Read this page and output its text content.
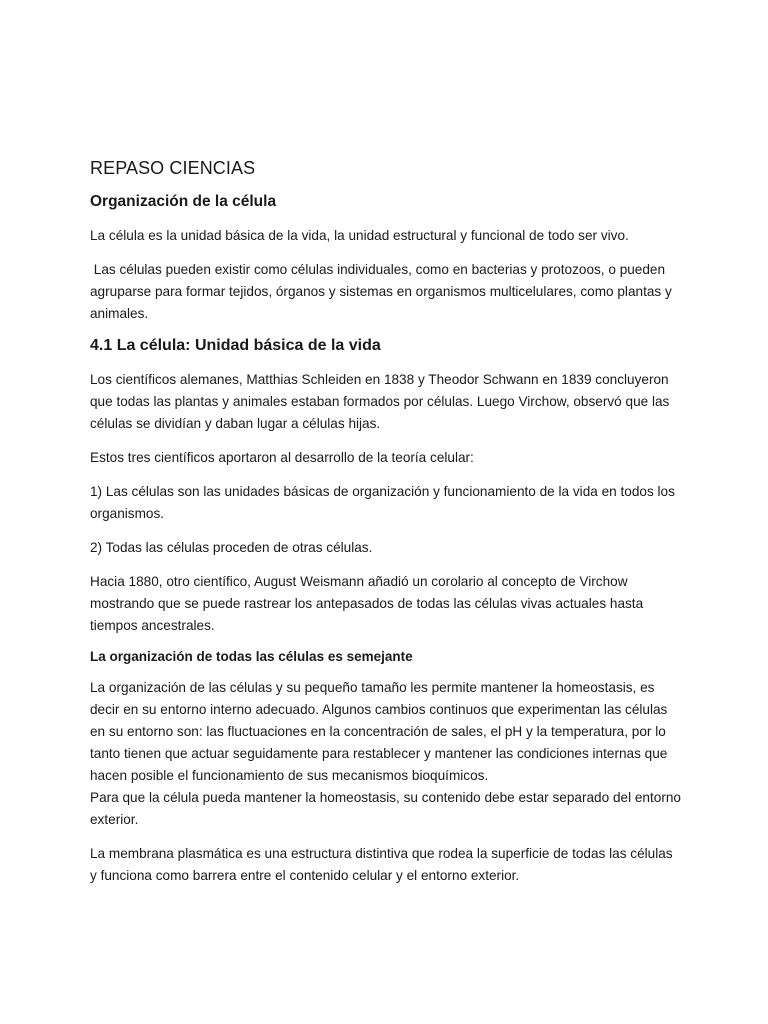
REPASO CIENCIAS
Organización de la célula

La célula es la unidad básica de la vida, la unidad estructural y funcional de todo ser vivo.

Las células pueden existir como células individuales, como en bacterias y protozoos, o pueden agruparse para formar tejidos, órganos y sistemas en organismos multicelulares, como plantas y animales.

4.1 La célula: Unidad básica de la vida

Los científicos alemanes, Matthias Schleiden en 1838 y Theodor Schwann en 1839 concluyeron que todas las plantas y animales estaban formados por células. Luego Virchow, observó que las células se dividían y daban lugar a células hijas.

Estos tres científicos aportaron al desarrollo de la teoría celular:

1) Las células son las unidades básicas de organización y funcionamiento de la vida en todos los organismos.

2) Todas las células proceden de otras células.

Hacia 1880, otro científico, August Weismann añadió un corolario al concepto de Virchow mostrando que se puede rastrear los antepasados de todas las células vivas actuales hasta tiempos ancestrales.

La organización de todas las células es semejante

La organización de las células y su pequeño tamaño les permite mantener la homeostasis, es decir en su entorno interno adecuado. Algunos cambios continuos que experimentan las células en su entorno son: las fluctuaciones en la concentración de sales, el pH y la temperatura, por lo tanto tienen que actuar seguidamente para restablecer y mantener las condiciones internas que hacen posible el funcionamiento de sus mecanismos bioquímicos.

Para que la célula pueda mantener la homeostasis, su contenido debe estar separado del entorno exterior.

La membrana plasmática es una estructura distintiva que rodea la superficie de todas las células y funciona como barrera entre el contenido celular y el entorno exterior.
